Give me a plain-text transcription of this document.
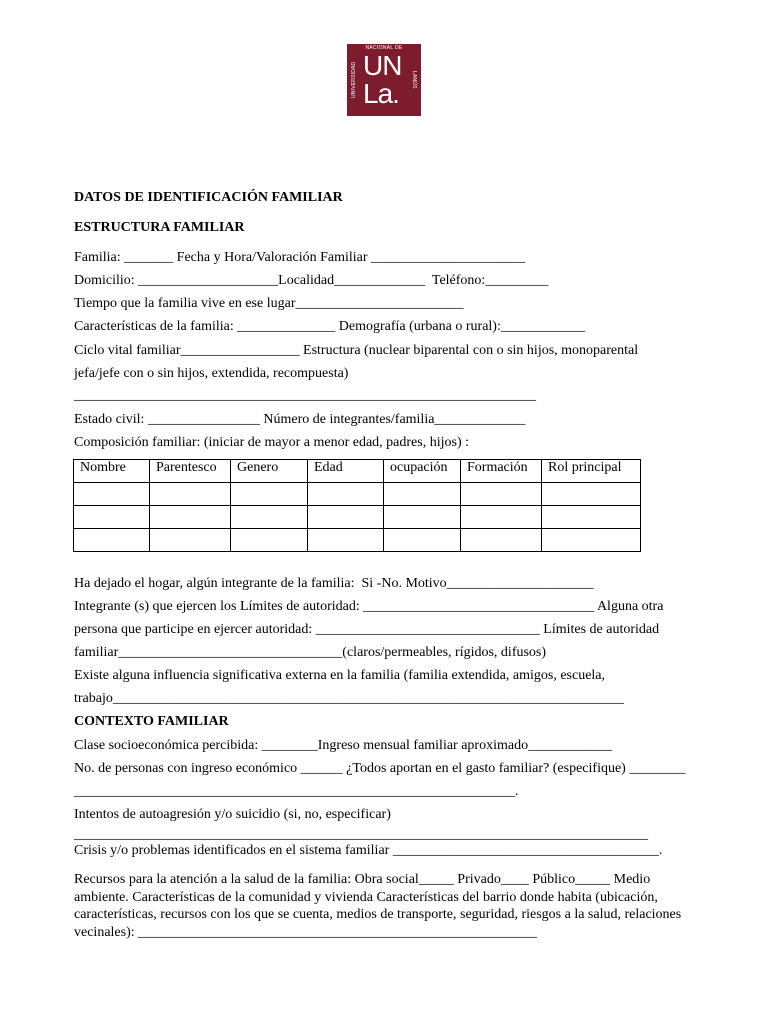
NACIONAL DE
UNIVERSIDAD	LANÚS
UN
La.
DATOS DE IDENTIFICACIÓN FAMILIAR
ESTRUCTURA FAMILIAR
Familia: _______ Fecha y Hora/Valoración Familiar ______________________
Domicilio: ____________________Localidad_____________  Teléfono:_________
Tiempo que la familia vive en ese lugar________________________
Características de la familia: ______________ Demografía (urbana o rural):____________
Ciclo vital familiar_________________ Estructura (nuclear biparental con o sin hijos, monoparental
jefa/jefe con o sin hijos, extendida, recompuesta)
__________________________________________________________________
Estado civil: ________________ Número de integrantes/familia_____________
Composición familiar: (iniciar de mayor a menor edad, padres, hijos) :
Nombre	Parentesco	Genero	Edad	ocupación	Formación	Rol principal

Ha dejado el hogar, algún integrante de la familia:  Si -No. Motivo_____________________
Integrante (s) que ejercen los Límites de autoridad: _________________________________ Alguna otra
persona que participe en ejercer autoridad: ________________________________ Límites de autoridad
familiar________________________________(claros/permeables, rígidos, difusos)
Existe alguna influencia significativa externa en la familia (familia extendida, amigos, escuela,
trabajo_________________________________________________________________________
CONTEXTO FAMILIAR
Clase socioeconómica percibida: ________Ingreso mensual familiar aproximado____________
No. de personas con ingreso económico ______ ¿Todos aportan en el gasto familiar? (especifique) ________
_______________________________________________________________.
Intentos de autoagresión y/o suicidio (si, no, especificar)
__________________________________________________________________________________
Crisis y/o problemas identificados en el sistema familiar ______________________________________.
Recursos para la atención a la salud de la familia: Obra social_____ Privado____ Público_____ Medio ambiente. Características de la comunidad y vivienda Características del barrio donde habita (ubicación, características, recursos con los que se cuenta, medios de transporte, seguridad, riesgos a la salud, relaciones vecinales): _________________________________________________________
